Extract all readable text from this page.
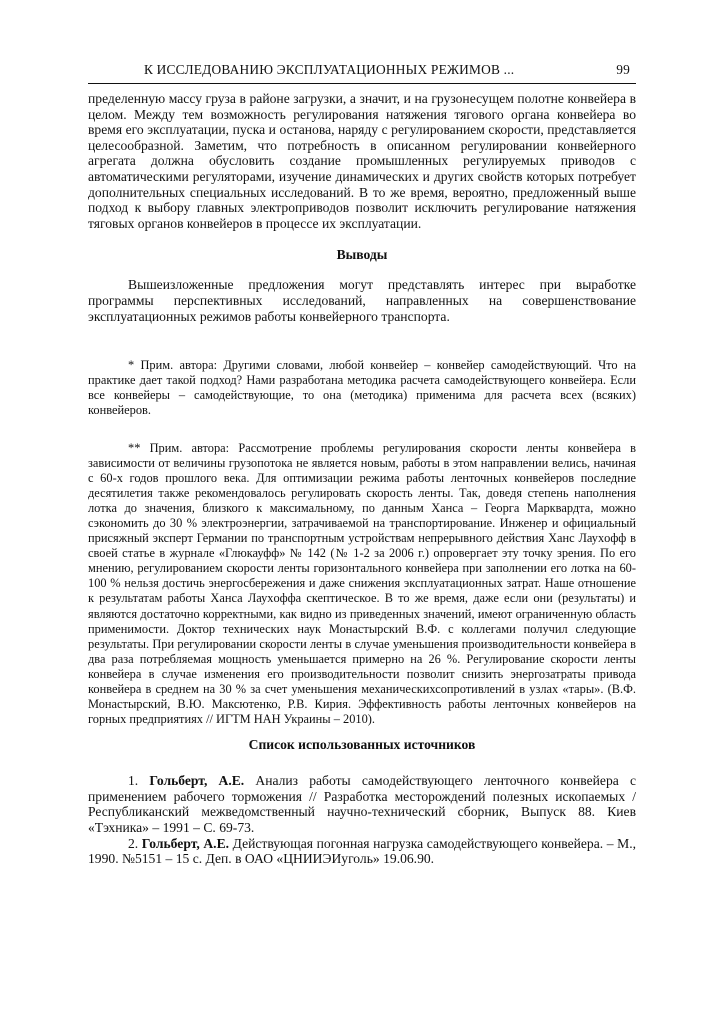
К ИССЛЕДОВАНИЮ ЭКСПЛУАТАЦИОННЫХ РЕЖИМОВ ...	99

пределенную массу груза в районе загрузки, а значит, и на грузонесущем полотне конвейера в целом. Между тем возможность регулирования натяжения тягового органа конвейера во время его эксплуатации, пуска и останова, наряду с регулированием скорости, представляется целесообразной. Заметим, что потребность в описанном регулировании конвейерного агрегата должна обусловить создание промышленных регулируемых приводов с автоматическими регуляторами, изучение динамических и других свойств которых потребует дополнительных специальных исследований. В то же время, вероятно, предложенный выше подход к выбору главных электроприводов позволит исключить регулирование натяжения тяговых органов конвейеров в процессе их эксплуатации.

Выводы

Вышеизложенные предложения могут представлять интерес при выработке программы перспективных исследований, направленных на совершенствование эксплуатационных режимов работы конвейерного транспорта.

* Прим. автора: Другими словами, любой конвейер – конвейер самодействующий. Что на практике дает такой подход? Нами разработана методика расчета самодействующего конвейера. Если все конвейеры – самодействующие, то она (методика) применима для расчета всех (всяких) конвейеров.

** Прим. автора: Рассмотрение проблемы регулирования скорости ленты конвейера в зависимости от величины грузопотока не является новым, работы в этом направлении велись, начиная с 60-х годов прошлого века. Для оптимизации режима работы ленточных конвейеров последние десятилетия также рекомендовалось регулировать скорость ленты. Так, доведя степень наполнения лотка до значения, близкого к максимальному, по данным Ханса – Георга Марквардта, можно сэкономить до 30 % электроэнергии, затрачиваемой на транспортирование. Инженер и официальный присяжный эксперт Германии по транспортным устройствам непрерывного действия Ханс Лауxофф в своей статье в журнале «Глюкауфф» № 142 (№ 1-2 за 2006 г.) опровергает эту точку зрения. По его мнению, регулированием скорости ленты горизонтального конвейера при заполнении его лотка на 60-100 % нельзя достичь энергосбережения и даже снижения эксплуатационных затрат. Наше отношение к результатам работы Ханса Лауxоффа скептическое. В то же время, даже если они (результаты) и являются достаточно корректными, как видно из приведенных значений, имеют ограниченную область применимости. Доктор технических наук Монастырский В.Ф. с коллегами получил следующие результаты. При регулировании скорости ленты в случае уменьшения производительности конвейера в два раза потребляемая мощность уменьшается примерно на 26 %. Регулирование скорости ленты конвейера в случае изменения его производительности позволит снизить энергозатраты привода конвейера в среднем на 30 % за счет уменьшения механическихсопротивлений в узлах «тары». (В.Ф. Монастырский, В.Ю. Максютенко, Р.В. Кирия. Эффективность работы ленточных конвейеров на горных предприятиях // ИГТМ НАН Украины – 2010).

Список использованных источников

1. Гольберт, А.Е. Анализ работы самодействующего ленточного конвейера с применением рабочего торможения // Разработка месторождений полезных ископаемых / Республиканский межведомственный научно-технический сборник, Выпуск 88. Киев «Тэхника» – 1991 – С. 69-73.

2. Гольберт, А.Е. Действующая погонная нагрузка самодействующего конвейера. – М., 1990. №5151 – 15 с. Деп. в ОАО «ЦНИИЭИуголь» 19.06.90.
